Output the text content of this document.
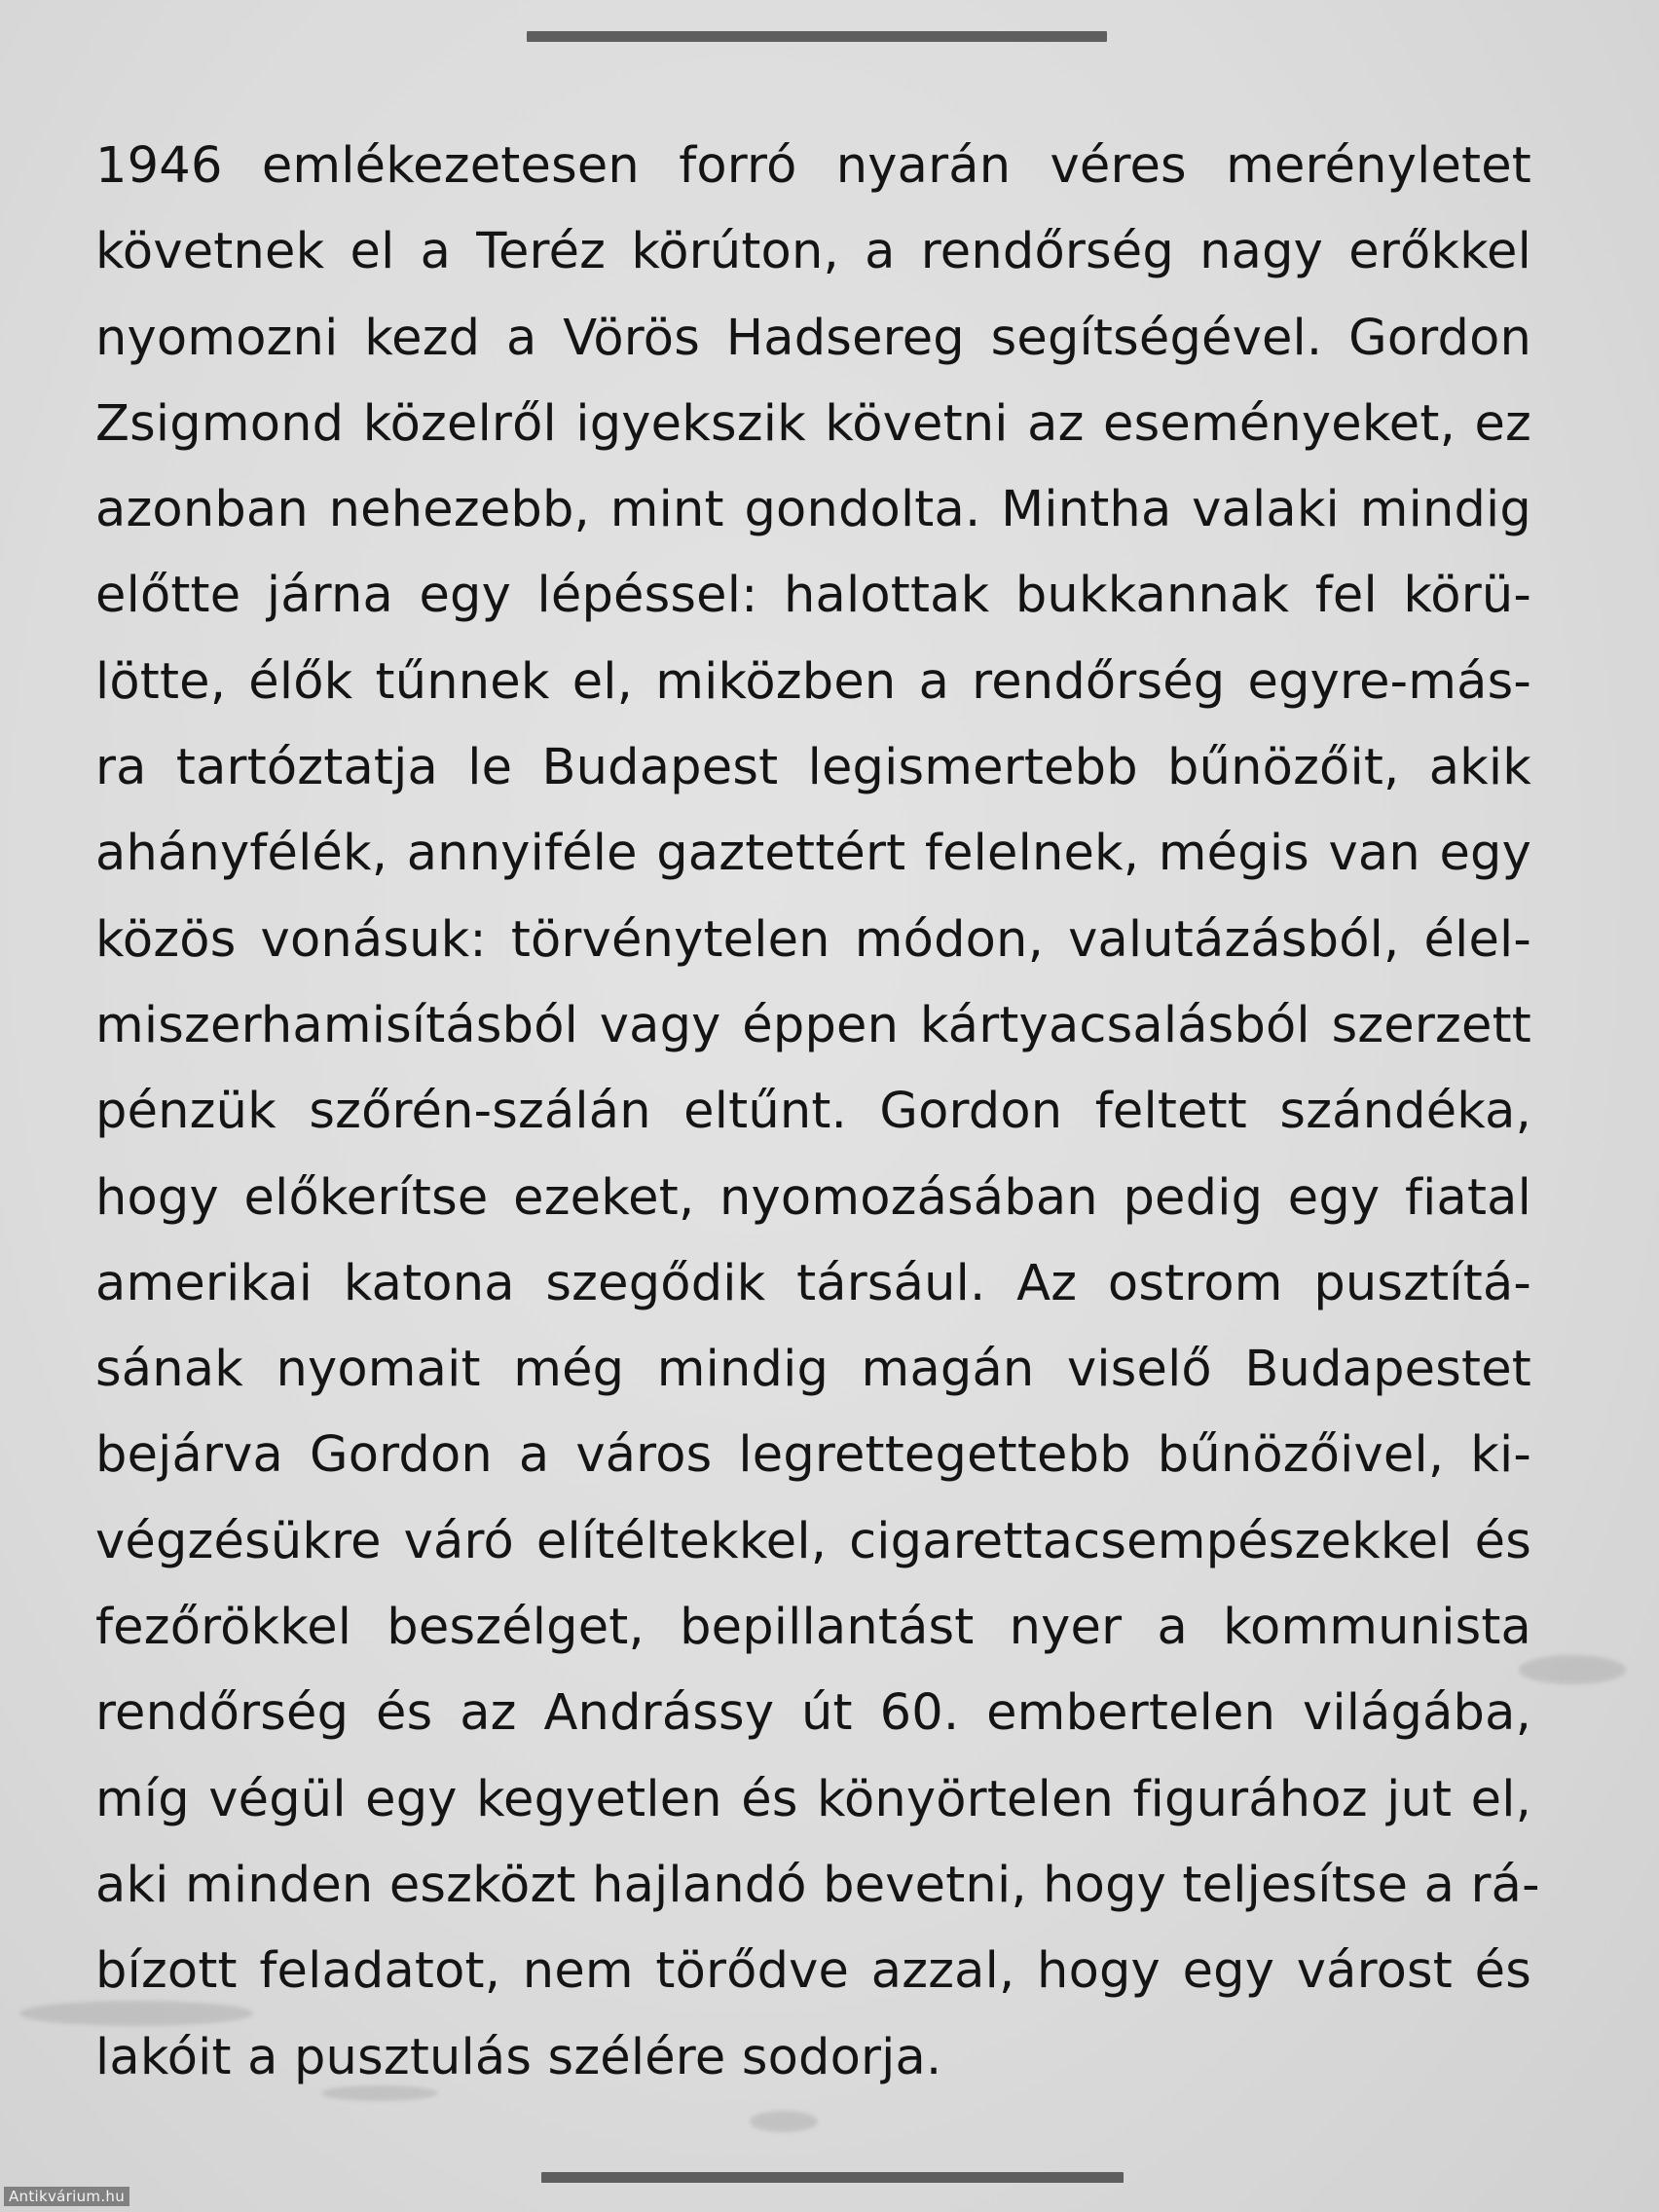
1946 emlékezetesen forró nyarán véres merényletet
követnek el a Teréz körúton, a rendőrség nagy erőkkel
nyomozni kezd a Vörös Hadsereg segítségével. Gordon
Zsigmond közelről igyekszik követni az eseményeket, ez
azonban nehezebb, mint gondolta. Mintha valaki mindig
előtte járna egy lépéssel: halottak bukkannak fel körü-
lötte, élők tűnnek el, miközben a rendőrség egyre-más-
ra tartóztatja le Budapest legismertebb bűnözőit, akik
ahányfélék, annyiféle gaztettért felelnek, mégis van egy
közös vonásuk: törvénytelen módon, valutázásból, élel-
miszerhamisításból vagy éppen kártyacsalásból szerzett
pénzük szőrén-szálán eltűnt. Gordon feltett szándéka,
hogy előkerítse ezeket, nyomozásában pedig egy fiatal
amerikai katona szegődik társául. Az ostrom pusztítá-
sának nyomait még mindig magán viselő Budapestet
bejárva Gordon a város legrettegettebb bűnözőivel, ki-
végzésükre váró elítéltekkel, cigarettacsempészekkel és
fezőrökkel beszélget, bepillantást nyer a kommunista
rendőrség és az Andrássy út 60. embertelen világába,
míg végül egy kegyetlen és könyörtelen figurához jut el,
aki minden eszközt hajlandó bevetni, hogy teljesítse a rá-
bízott feladatot, nem törődve azzal, hogy egy várost és
lakóit a pusztulás szélére sodorja.
Antikvárium.hu
